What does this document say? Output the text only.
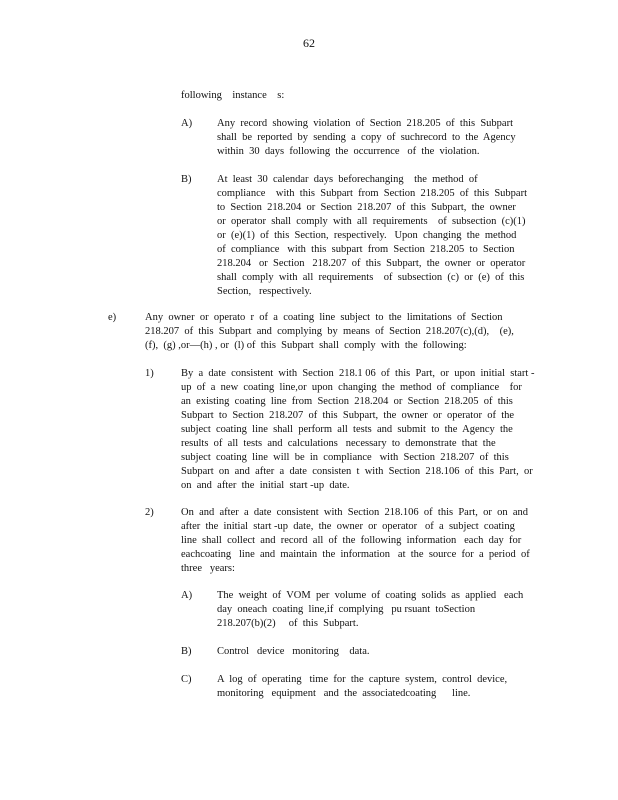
62
following    instance    s:
A) Any  record  showing  violation  of  Section  218.205  of  this  Subpart
shall  be  reported  by  sending  a  copy  of  suchrecord  to  the  Agency
within  30  days  following  the  occurrence   of  the  violation.
B) At  least  30  calendar  days  beforechanging    the  method  of
compliance    with  this  Subpart  from  Section  218.205  of  this  Subpart
to  Section  218.204  or  Section  218.207  of  this  Subpart,  the  owner
or  operator  shall  comply  with  all  requirements    of  subsection  (c)(1)
or  (e)(1)  of  this  Section,  respectively.   Upon  changing  the  method
of  compliance   with  this  subpart  from  Section  218.205  to  Section
218.204   or  Section   218.207  of  this  Subpart,  the  owner  or  operator
shall  comply  with  all  requirements    of  subsection  (c)  or  (e)  of  this
Section,   respectively.
e)	Any  owner  or  operato  r  of  a  coating  line  subject  to  the  limitations  of  Section
218.207  of  this  Subpart  and  complying  by  means  of  Section  218.207(c),(d),    (e),
(f),  (g) ,or—(h) , or  (l) of  this  Subpart  shall  comply  with  the  following:
1)	By  a  date  consistent  with  Section  218.1 06  of  this  Part,  or  upon  initial  start -
up  of  a  new  coating  line,or  upon  changing  the  method  of  compliance    for
an  existing  coating  line  from  Section  218.204  or  Section  218.205  of  this
Subpart  to  Section  218.207  of  this  Subpart,  the  owner  or  operator  of  the
subject  coating  line  shall  perform  all  tests  and  submit  to  the  Agency  the
results  of  all  tests  and  calculations   necessary  to  demonstrate  that  the
subject  coating  line  will  be  in  compliance   with  Section  218.207  of  this
Subpart  on  and  after  a  date  consisten  t  with  Section  218.106  of  this  Part,  or
on  and  after  the  initial  start -up  date.
2)	On  and  after  a  date  consistent  with  Section  218.106  of  this  Part,  or  on  and
after  the  initial  start -up  date,  the  owner  or  operator   of  a  subject  coating
line  shall  collect  and  record  all  of  the  following  information   each  day  for
eachcoating   line  and  maintain  the  information   at  the  source  for  a  period  of
three   years:
A) The  weight  of  VOM  per  volume  of  coating  solids  as  applied   each
day  oneach  coating  line,if  complying   pu rsuant  toSection
218.207(b)(2)     of  this  Subpart.
B) Control   device   monitoring    data.
C) A  log  of  operating   time  for  the  capture  system,  control  device,
monitoring   equipment   and  the  associatedcoating      line.
